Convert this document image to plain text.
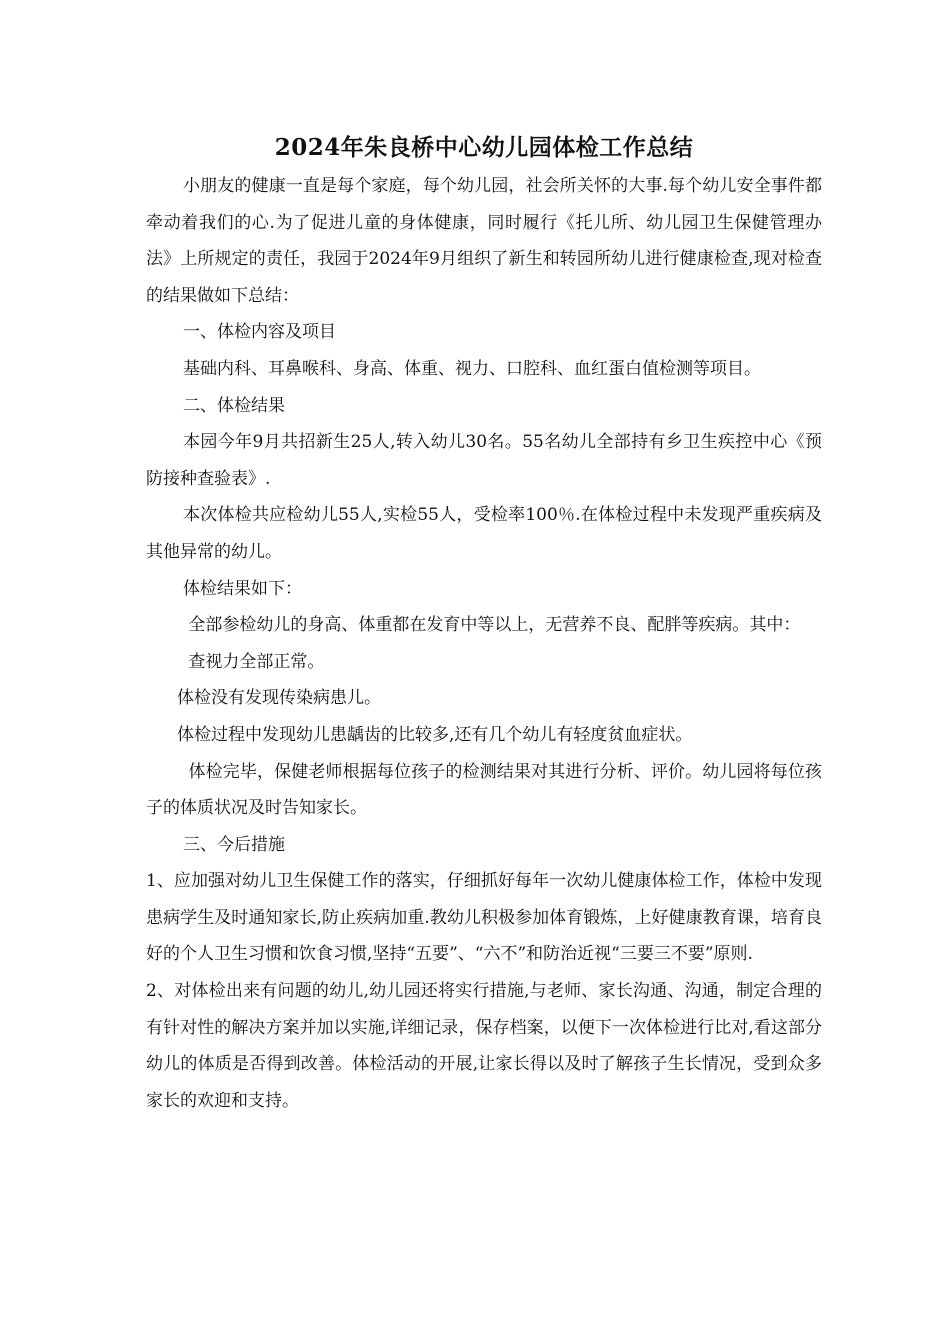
2024年朱良桥中心幼儿园体检工作总结

小朋友的健康一直是每个家庭，每个幼儿园，社会所关怀的大事.每个幼儿安全事件都牵动着我们的心.为了促进儿童的身体健康，同时履行《托儿所、幼儿园卫生保健管理办法》上所规定的责任，我园于2024年9月组织了新生和转园所幼儿进行健康检查,现对检查的结果做如下总结：

一、体检内容及项目

基础内科、耳鼻喉科、身高、体重、视力、口腔科、血红蛋白值检测等项目。

二、体检结果

本园今年9月共招新生25人,转入幼儿30名。55名幼儿全部持有乡卫生疾控中心《预防接种查验表》.

本次体检共应检幼儿55人,实检55人，受检率100％.在体检过程中未发现严重疾病及其他异常的幼儿。

体检结果如下：

全部参检幼儿的身高、体重都在发育中等以上，无营养不良、配胖等疾病。其中：

查视力全部正常。

体检没有发现传染病患儿。

体检过程中发现幼儿患龋齿的比较多,还有几个幼儿有轻度贫血症状。

体检完毕，保健老师根据每位孩子的检测结果对其进行分析、评价。幼儿园将每位孩子的体质状况及时告知家长。

三、今后措施

1、应加强对幼儿卫生保健工作的落实，仔细抓好每年一次幼儿健康体检工作，体检中发现患病学生及时通知家长,防止疾病加重.教幼儿积极参加体育锻炼，上好健康教育课，培育良好的个人卫生习惯和饮食习惯,坚持“五要”、“六不”和防治近视“三要三不要”原则.

2、对体检出来有问题的幼儿,幼儿园还将实行措施,与老师、家长沟通、沟通，制定合理的有针对性的解决方案并加以实施,详细记录，保存档案，以便下一次体检进行比对,看这部分幼儿的体质是否得到改善。体检活动的开展,让家长得以及时了解孩子生长情况，受到众多家长的欢迎和支持。
